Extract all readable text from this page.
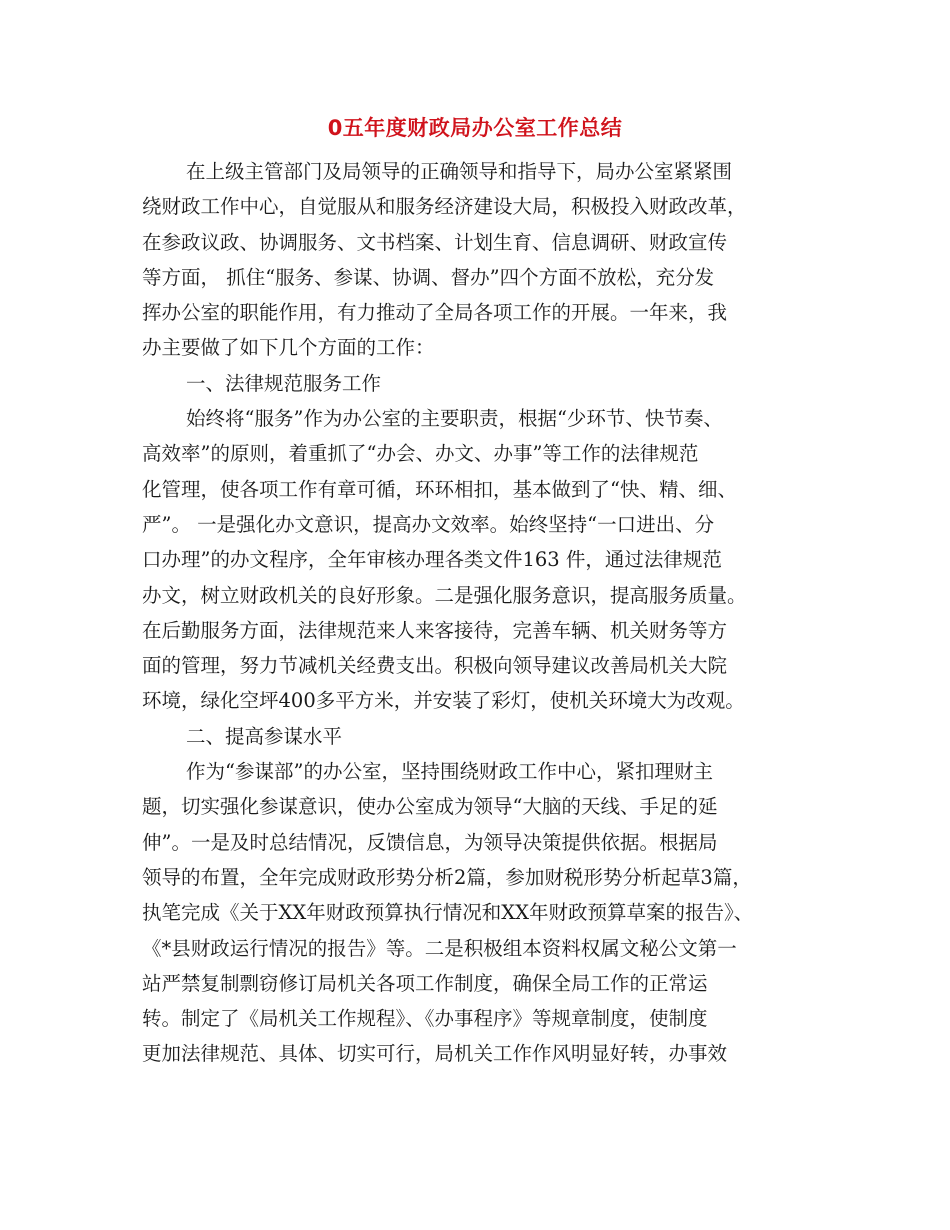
0五年度财政局办公室工作总结
在上级主管部门及局领导的正确领导和指导下，局办公室紧紧围
绕财政工作中心，自觉服从和服务经济建设大局，积极投入财政改革，
在参政议政、协调服务、文书档案、计划生育、信息调研、财政宣传
等方面， 抓住“服务、参谋、协调、督办”四个方面不放松，充分发
挥办公室的职能作用，有力推动了全局各项工作的开展。一年来，我
办主要做了如下几个方面的工作：
一、法律规范服务工作
始终将“服务”作为办公室的主要职责，根据“少环节、快节奏、
高效率”的原则，着重抓了“办会、办文、办事”等工作的法律规范
化管理，使各项工作有章可循，环环相扣，基本做到了“快、精、细、
严”。 一是强化办文意识，提高办文效率。始终坚持“一口进出、分
口办理”的办文程序，全年审核办理各类文件163 件，通过法律规范
办文，树立财政机关的良好形象。二是强化服务意识，提高服务质量。
在后勤服务方面，法律规范来人来客接待，完善车辆、机关财务等方
面的管理，努力节减机关经费支出。积极向领导建议改善局机关大院
环境，绿化空坪400多平方米，并安装了彩灯，使机关环境大为改观。
二、提高参谋水平
作为“参谋部”的办公室，坚持围绕财政工作中心，紧扣理财主
题，切实强化参谋意识，使办公室成为领导“大脑的天线、手足的延
伸”。一是及时总结情况，反馈信息，为领导决策提供依据。根据局
领导的布置，全年完成财政形势分析2篇，参加财税形势分析起草3篇，
执笔完成《关于XX年财政预算执行情况和XX年财政预算草案的报告》、
《*县财政运行情况的报告》等。二是积极组本资料权属文秘公文第一
站严禁复制剽窃修订局机关各项工作制度，确保全局工作的正常运
转。制定了《局机关工作规程》、《办事程序》等规章制度，使制度
更加法律规范、具体、切实可行，局机关工作作风明显好转，办事效
